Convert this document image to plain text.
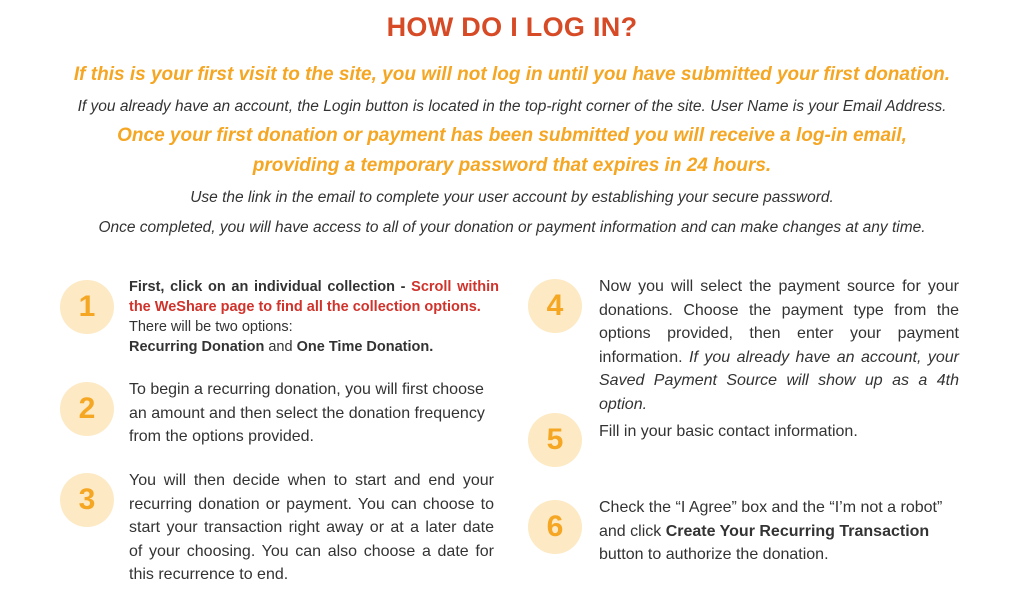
HOW DO I LOG IN?
If this is your first visit to the site, you will not log in until you have submitted your first donation.
If you already have an account, the Login button is located in the top-right corner of the site. User Name is your Email Address.
Once your first donation or payment has been submitted you will receive a log-in email,
providing a temporary password that expires in 24 hours.
Use the link in the email to complete your user account by establishing your secure password.
Once completed, you will have access to all of your donation or payment information and can make changes at any time.
1
First, click on an individual collection - Scroll within the WeShare page to find all the collection options.
There will be two options:
Recurring Donation and One Time Donation.
2
To begin a recurring donation, you will first choose an amount and then select the donation frequency from the options provided.
3
You will then decide when to start and end your recurring donation or payment. You can choose to start your transaction right away or at a later date of your choosing. You can also choose a date for this recurrence to end.
4
Now you will select the payment source for your donations. Choose the payment type from the options provided, then enter your payment information. If you already have an account, your Saved Payment Source will show up as a 4th option.
5	Fill in your basic contact information.
6
Check the “I Agree” box and the “I’m not a robot” and click Create Your Recurring Transaction button to authorize the donation.
